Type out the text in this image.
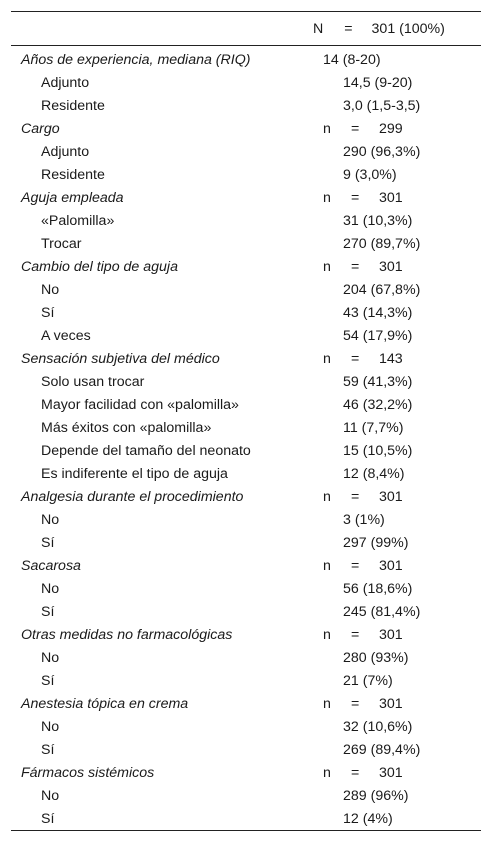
N = 301 (100%)
Años de experiencia, mediana (RIQ)	14 (8-20)
Adjunto	14,5 (9-20)
Residente	3,0 (1,5-3,5)
Cargo	n = 299
Adjunto	290 (96,3%)
Residente	9 (3,0%)
Aguja empleada	n = 301
«Palomilla»	31 (10,3%)
Trocar	270 (89,7%)
Cambio del tipo de aguja	n = 301
No	204 (67,8%)
Sí	43 (14,3%)
A veces	54 (17,9%)
Sensación subjetiva del médico	n = 143
Solo usan trocar	59 (41,3%)
Mayor facilidad con «palomilla»	46 (32,2%)
Más éxitos con «palomilla»	11 (7,7%)
Depende del tamaño del neonato	15 (10,5%)
Es indiferente el tipo de aguja	12 (8,4%)
Analgesia durante el procedimiento	n = 301
No	3 (1%)
Sí	297 (99%)
Sacarosa	n = 301
No	56 (18,6%)
Sí	245 (81,4%)
Otras medidas no farmacológicas	n = 301
No	280 (93%)
Sí	21 (7%)
Anestesia tópica en crema	n = 301
No	32 (10,6%)
Sí	269 (89,4%)
Fármacos sistémicos	n = 301
No	289 (96%)
Sí	12 (4%)
